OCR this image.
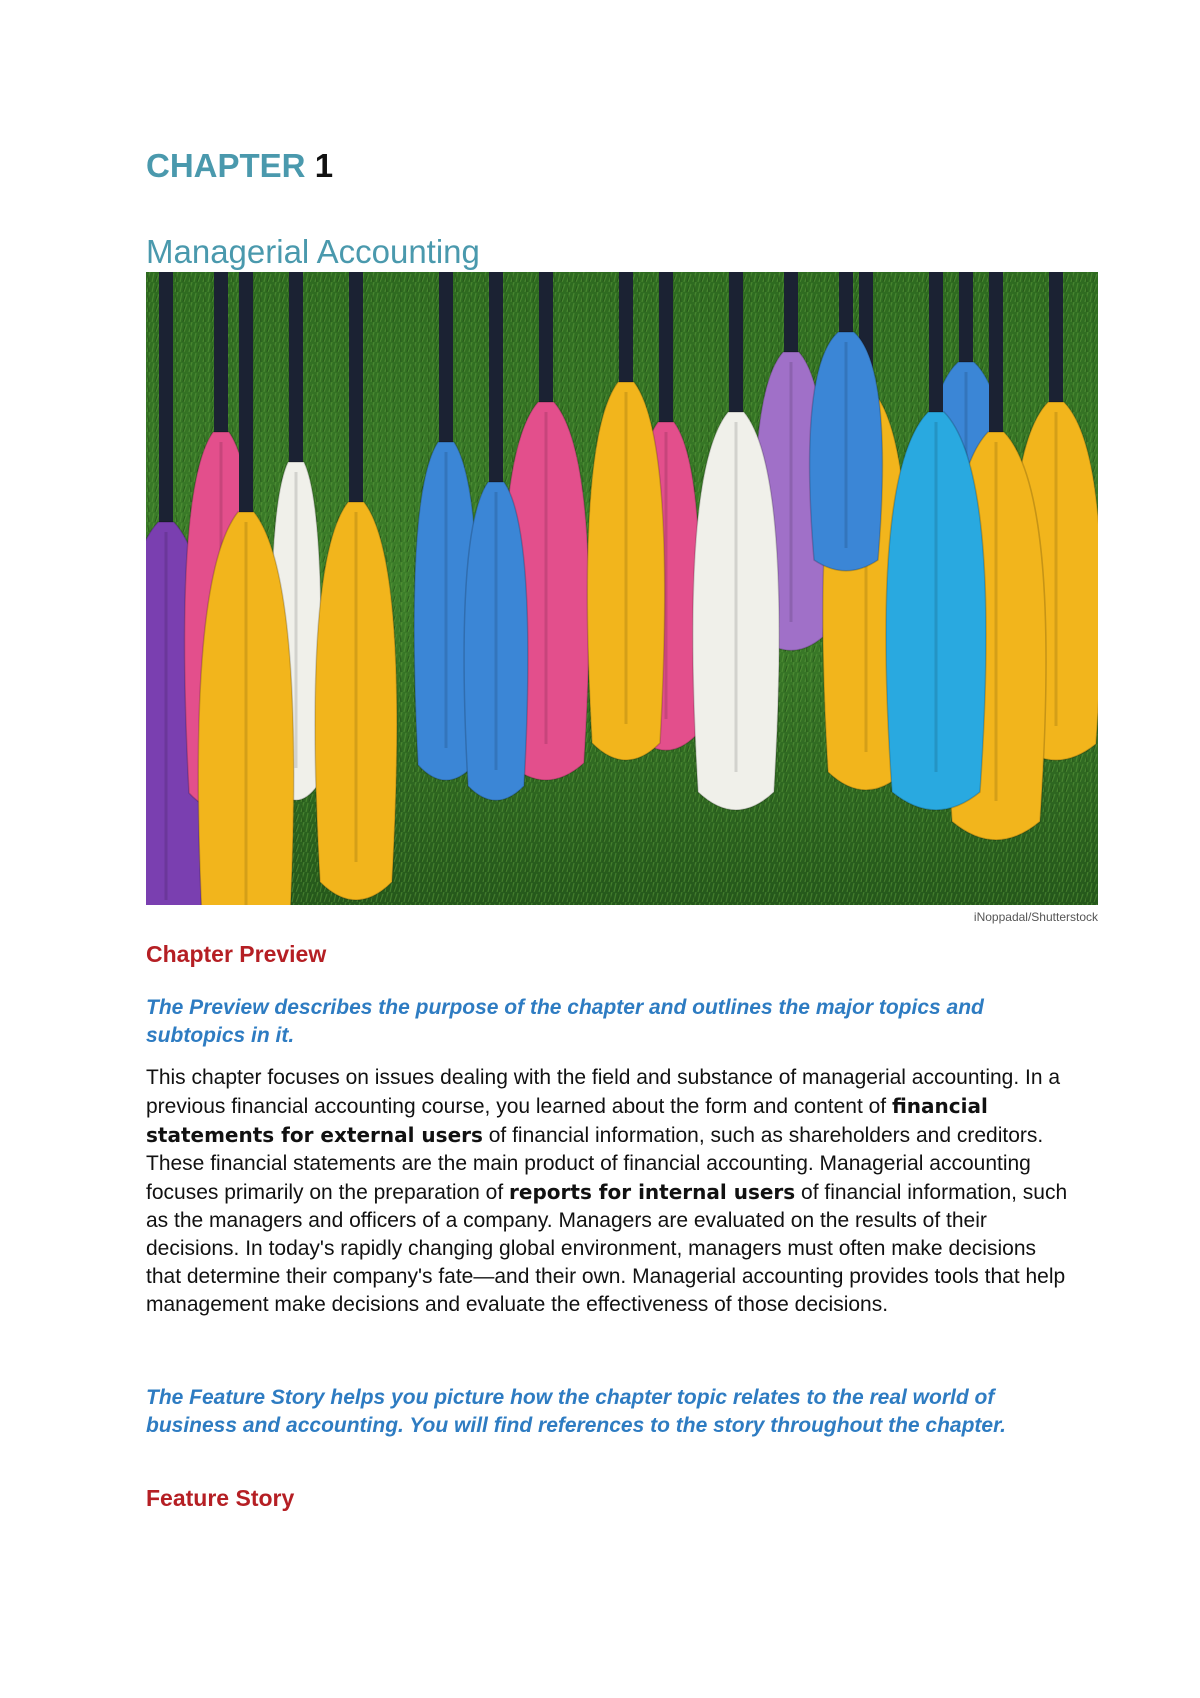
CHAPTER 1
Managerial Accounting
iNoppadal/Shutterstock
Chapter Preview

The Preview describes the purpose of the chapter and outlines the major topics and subtopics in it.

This chapter focuses on issues dealing with the field and substance of managerial accounting. In a previous financial accounting course, you learned about the form and content of financial statements for external users of financial information, such as shareholders and creditors. These financial statements are the main product of financial accounting. Managerial accounting focuses primarily on the preparation of reports for internal users of financial information, such as the managers and officers of a company. Managers are evaluated on the results of their decisions. In today's rapidly changing global environment, managers must often make decisions that determine their company's fate—and their own. Managerial accounting provides tools that help management make decisions and evaluate the effectiveness of those decisions.

The Feature Story helps you picture how the chapter topic relates to the real world of business and accounting. You will find references to the story throughout the chapter.

Feature Story
